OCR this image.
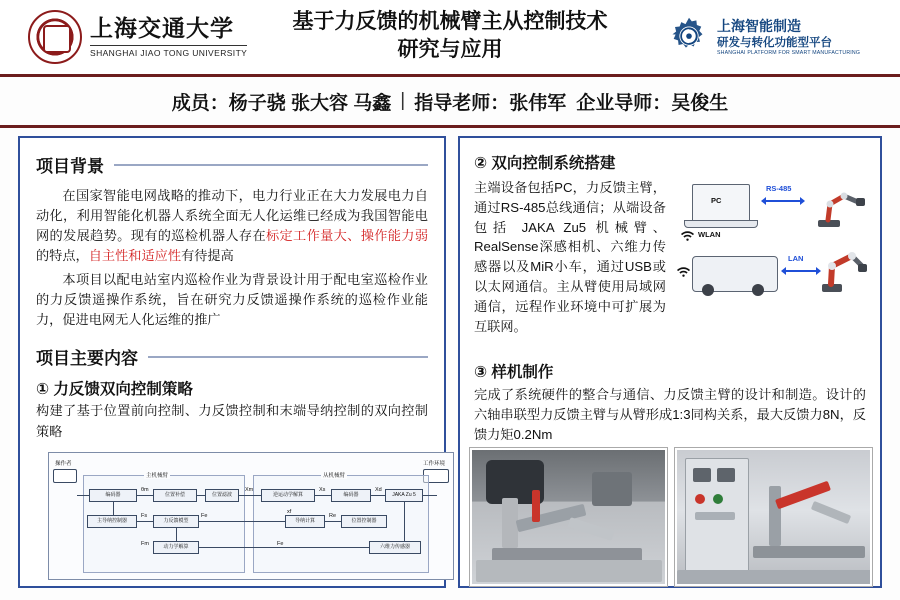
上海交通大学
SHANGHAI JIAO TONG UNIVERSITY
基于力反馈的机械臂主从控制技术
研究与应用
上海智能制造
研发与转化功能型平台
SHANGHAI PLATFORM FOR SMART MANUFACTURING
成员： 杨子骁 张大容 马鑫 | 指导老师： 张伟军 企业导师： 吴俊生
项目背景
在国家智能电网战略的推动下，电力行业正在大力发展电力自动化，利用智能化机器人系统全面无人化运维已经成为我国智能电网的发展趋势。现有的巡检机器人存在标定工作量大、操作能力弱的特点，自主性和适应性有待提高
本项目以配电站室内巡检作业为背景设计用于配电室巡检作业的力反馈遥操作系统，旨在研究力反馈遥操作系统的巡检作业能力，促进电网无人化运维的推广
项目主要内容
① 力反馈双向控制策略
构建了基于位置前向控制、力反馈控制和末端导纳控制的双向控制策略
操作者	工作环境
主机械臂	从机械臂
编码器	位置补偿	位置滤波
主导纳控制器	力反馈模型
动力学解算
逆运动学解算	编码器	JAKA Zu 5
导纳计算	位置控制器
六维力传感器
θm	Xm	Xs	Xd
Fe
Fs
xf
Re
Fe
Fm
② 双向控制系统搭建
主端设备包括PC，力反馈主臂，通过RS-485总线通信；从端设备包括 JAKA Zu5 机械臂、RealSense深感相机、六维力传感器以及MiR小车，通过USB或以太网通信。主从臂使用局域网通信，远程作业环境中可扩展为互联网。
PC
RS-485
WLAN
LAN
③ 样机制作
完成了系统硬件的整合与通信、力反馈主臂的设计和制造。设计的六轴串联型力反馈主臂与从臂形成1:3同构关系，最大反馈力8N，反馈力矩0.2Nm
